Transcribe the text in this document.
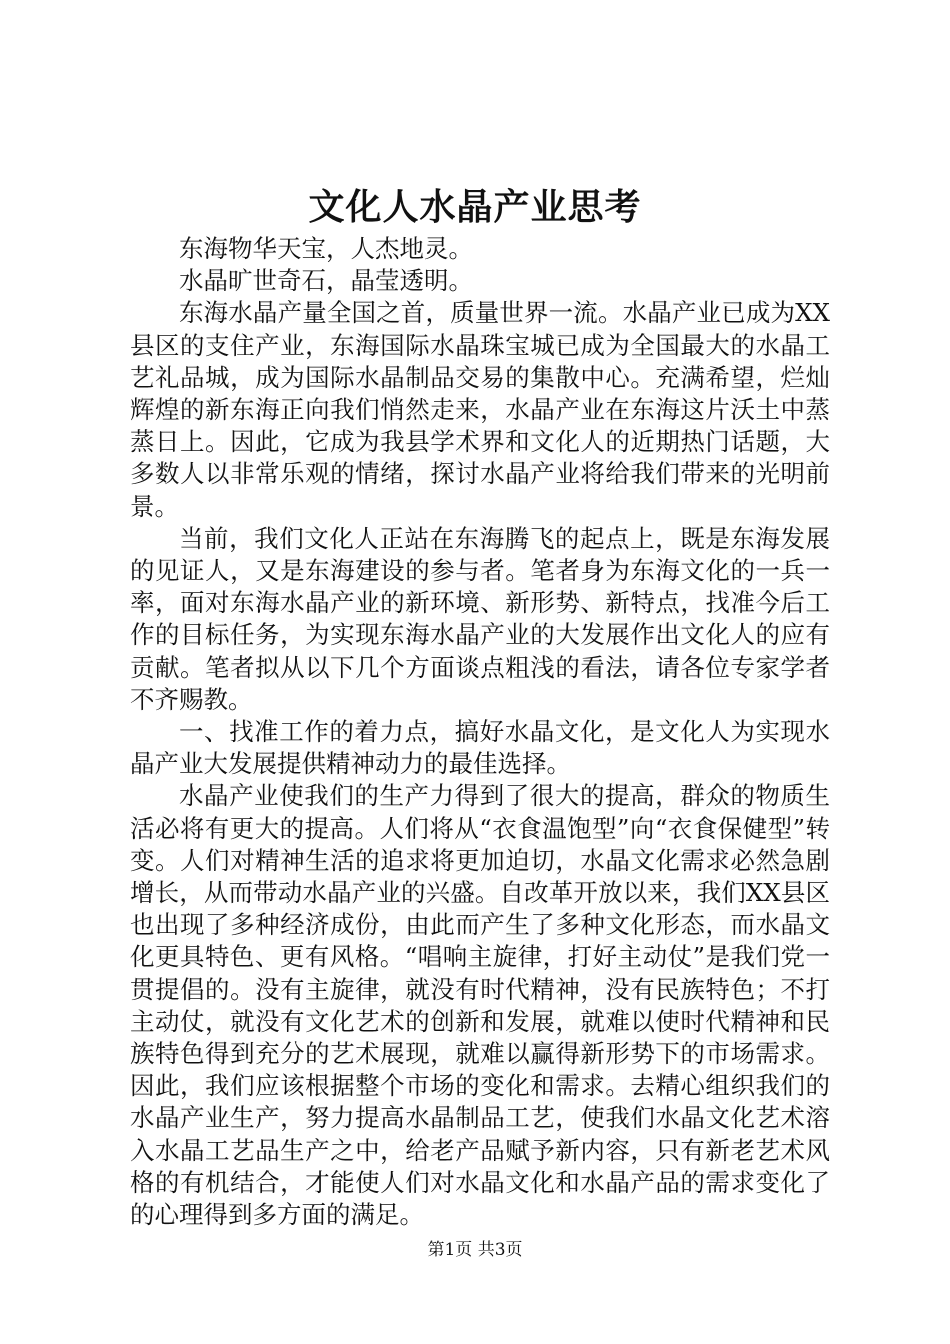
文化人水晶产业思考

东海物华天宝，人杰地灵。

水晶旷世奇石，晶莹透明。

东海水晶产量全国之首，质量世界一流。水晶产业已成为XX县区的支住产业，东海国际水晶珠宝城已成为全国最大的水晶工艺礼品城，成为国际水晶制品交易的集散中心。充满希望，烂灿辉煌的新东海正向我们悄然走来，水晶产业在东海这片沃土中蒸蒸日上。因此，它成为我县学术界和文化人的近期热门话题，大多数人以非常乐观的情绪，探讨水晶产业将给我们带来的光明前景。

当前，我们文化人正站在东海腾飞的起点上，既是东海发展的见证人，又是东海建设的参与者。笔者身为东海文化的一兵一率，面对东海水晶产业的新环境、新形势、新特点，找准今后工作的目标任务，为实现东海水晶产业的大发展作出文化人的应有贡献。笔者拟从以下几个方面谈点粗浅的看法，请各位专家学者不齐赐教。

一、找准工作的着力点，搞好水晶文化，是文化人为实现水晶产业大发展提供精神动力的最佳选择。

水晶产业使我们的生产力得到了很大的提高，群众的物质生活必将有更大的提高。人们将从“衣食温饱型”向“衣食保健型”转变。人们对精神生活的追求将更加迫切，水晶文化需求必然急剧增长，从而带动水晶产业的兴盛。自改革开放以来，我们XX县区也出现了多种经济成份，由此而产生了多种文化形态，而水晶文化更具特色、更有风格。“唱响主旋律，打好主动仗”是我们党一贯提倡的。没有主旋律，就没有时代精神，没有民族特色；不打主动仗，就没有文化艺术的创新和发展，就难以使时代精神和民族特色得到充分的艺术展现，就难以赢得新形势下的市场需求。因此，我们应该根据整个市场的变化和需求。去精心组织我们的水晶产业生产，努力提高水晶制品工艺，使我们水晶文化艺术溶入水晶工艺品生产之中，给老产品赋予新内容，只有新老艺术风格的有机结合，才能使人们对水晶文化和水晶产品的需求变化了的心理得到多方面的满足。

第1页 共3页
